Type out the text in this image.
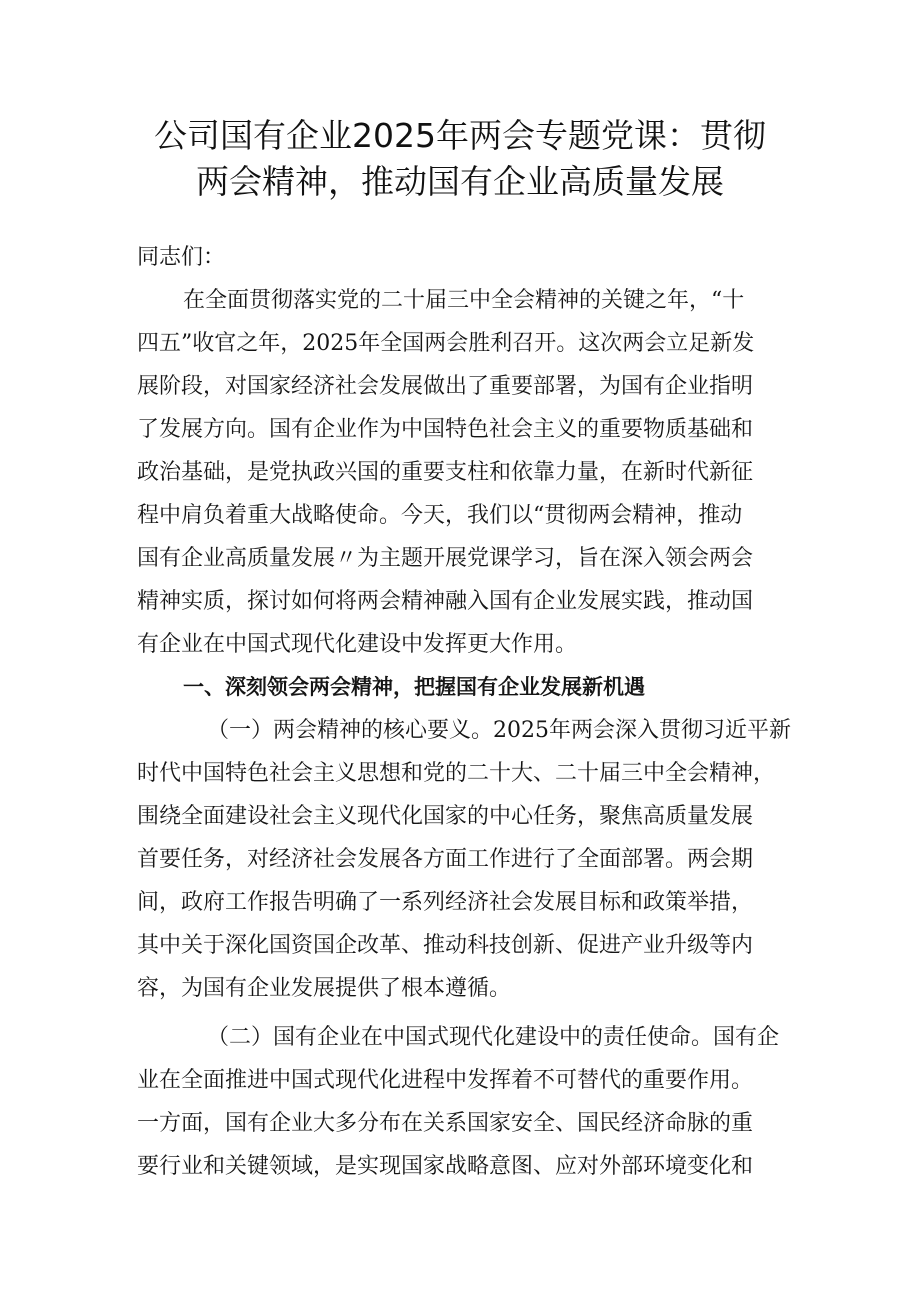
公司国有企业2025年两会专题党课：贯彻
两会精神，推动国有企业高质量发展

同志们：

在全面贯彻落实党的二十届三中全会精神的关键之年，“十
四五”收官之年，2025年全国两会胜利召开。这次两会立足新发
展阶段，对国家经济社会发展做出了重要部署，为国有企业指明
了发展方向。国有企业作为中国特色社会主义的重要物质基础和
政治基础，是党执政兴国的重要支柱和依靠力量，在新时代新征
程中肩负着重大战略使命。今天，我们以“贯彻两会精神，推动
国有企业高质量发展〃为主题开展党课学习，旨在深入领会两会
精神实质，探讨如何将两会精神融入国有企业发展实践，推动国
有企业在中国式现代化建设中发挥更大作用。

一、深刻领会两会精神，把握国有企业发展新机遇

（一）两会精神的核心要义。2025年两会深入贯彻习近平新
时代中国特色社会主义思想和党的二十大、二十届三中全会精神，
围绕全面建设社会主义现代化国家的中心任务，聚焦高质量发展
首要任务，对经济社会发展各方面工作进行了全面部署。两会期
间，政府工作报告明确了一系列经济社会发展目标和政策举措，
其中关于深化国资国企改革、推动科技创新、促进产业升级等内
容，为国有企业发展提供了根本遵循。

（二）国有企业在中国式现代化建设中的责任使命。国有企
业在全面推进中国式现代化进程中发挥着不可替代的重要作用。
一方面，国有企业大多分布在关系国家安全、国民经济命脉的重
要行业和关键领域，是实现国家战略意图、应对外部环境变化和
